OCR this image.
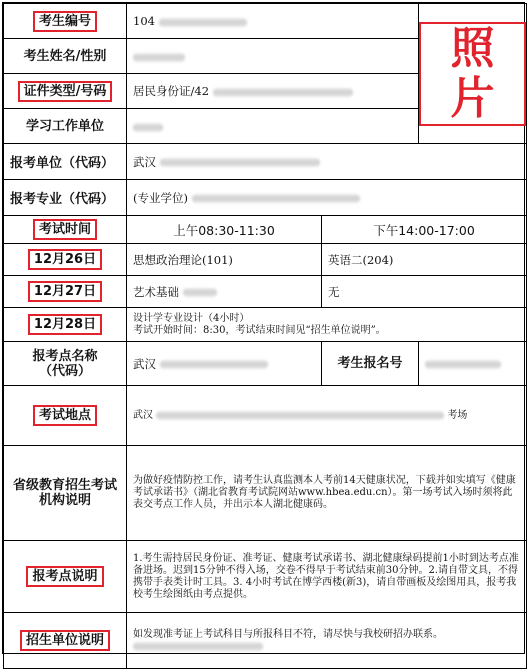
考生编号	104		照
片

考生姓名/性别			
证件类型/号码	居民身份证/42		
学习工作单位			
报考单位（代码）	武汉		
报考专业（代码）	(专业学位)		
考试时间	上午08:30-11:30	下午14:00-17:00	
12月26日	思想政治理论(101)	英语二(204)	
12月27日	艺术基础	无	
12月28日	设计学专业设计（4小时）
考试开始时间：8:30，考试结束时间见“招生单位说明”。		

报考点名称
（代码）	武汉	考生报名号	
考试地点	武汉 考场		

省级教育招生考试
机构说明	为做好疫情防控工作，请考生认真监测本人考前14天健康状况，下载并如实填写《健康考试承诺书》（湖北省教育考试院网站www.hbea.edu.cn）。第一场考试入场时须将此表交考点工作人员，并出示本人湖北健康码。		
报考点说明	1.考生需持居民身份证、准考证、健康考试承诺书、湖北健康绿码提前1小时到达考点准备进场。迟到15分钟不得入场，交卷不得早于考试结束前30分钟。2.请自带文具，不得携带手表类计时工具。3. 4小时考试在博学西楼(新3)，请自带画板及绘图用具，报考我校考生绘图纸由考点提供。		
招生单位说明	如发现准考证上考试科目与所报科目不符，请尽快与我校研招办联系。		
